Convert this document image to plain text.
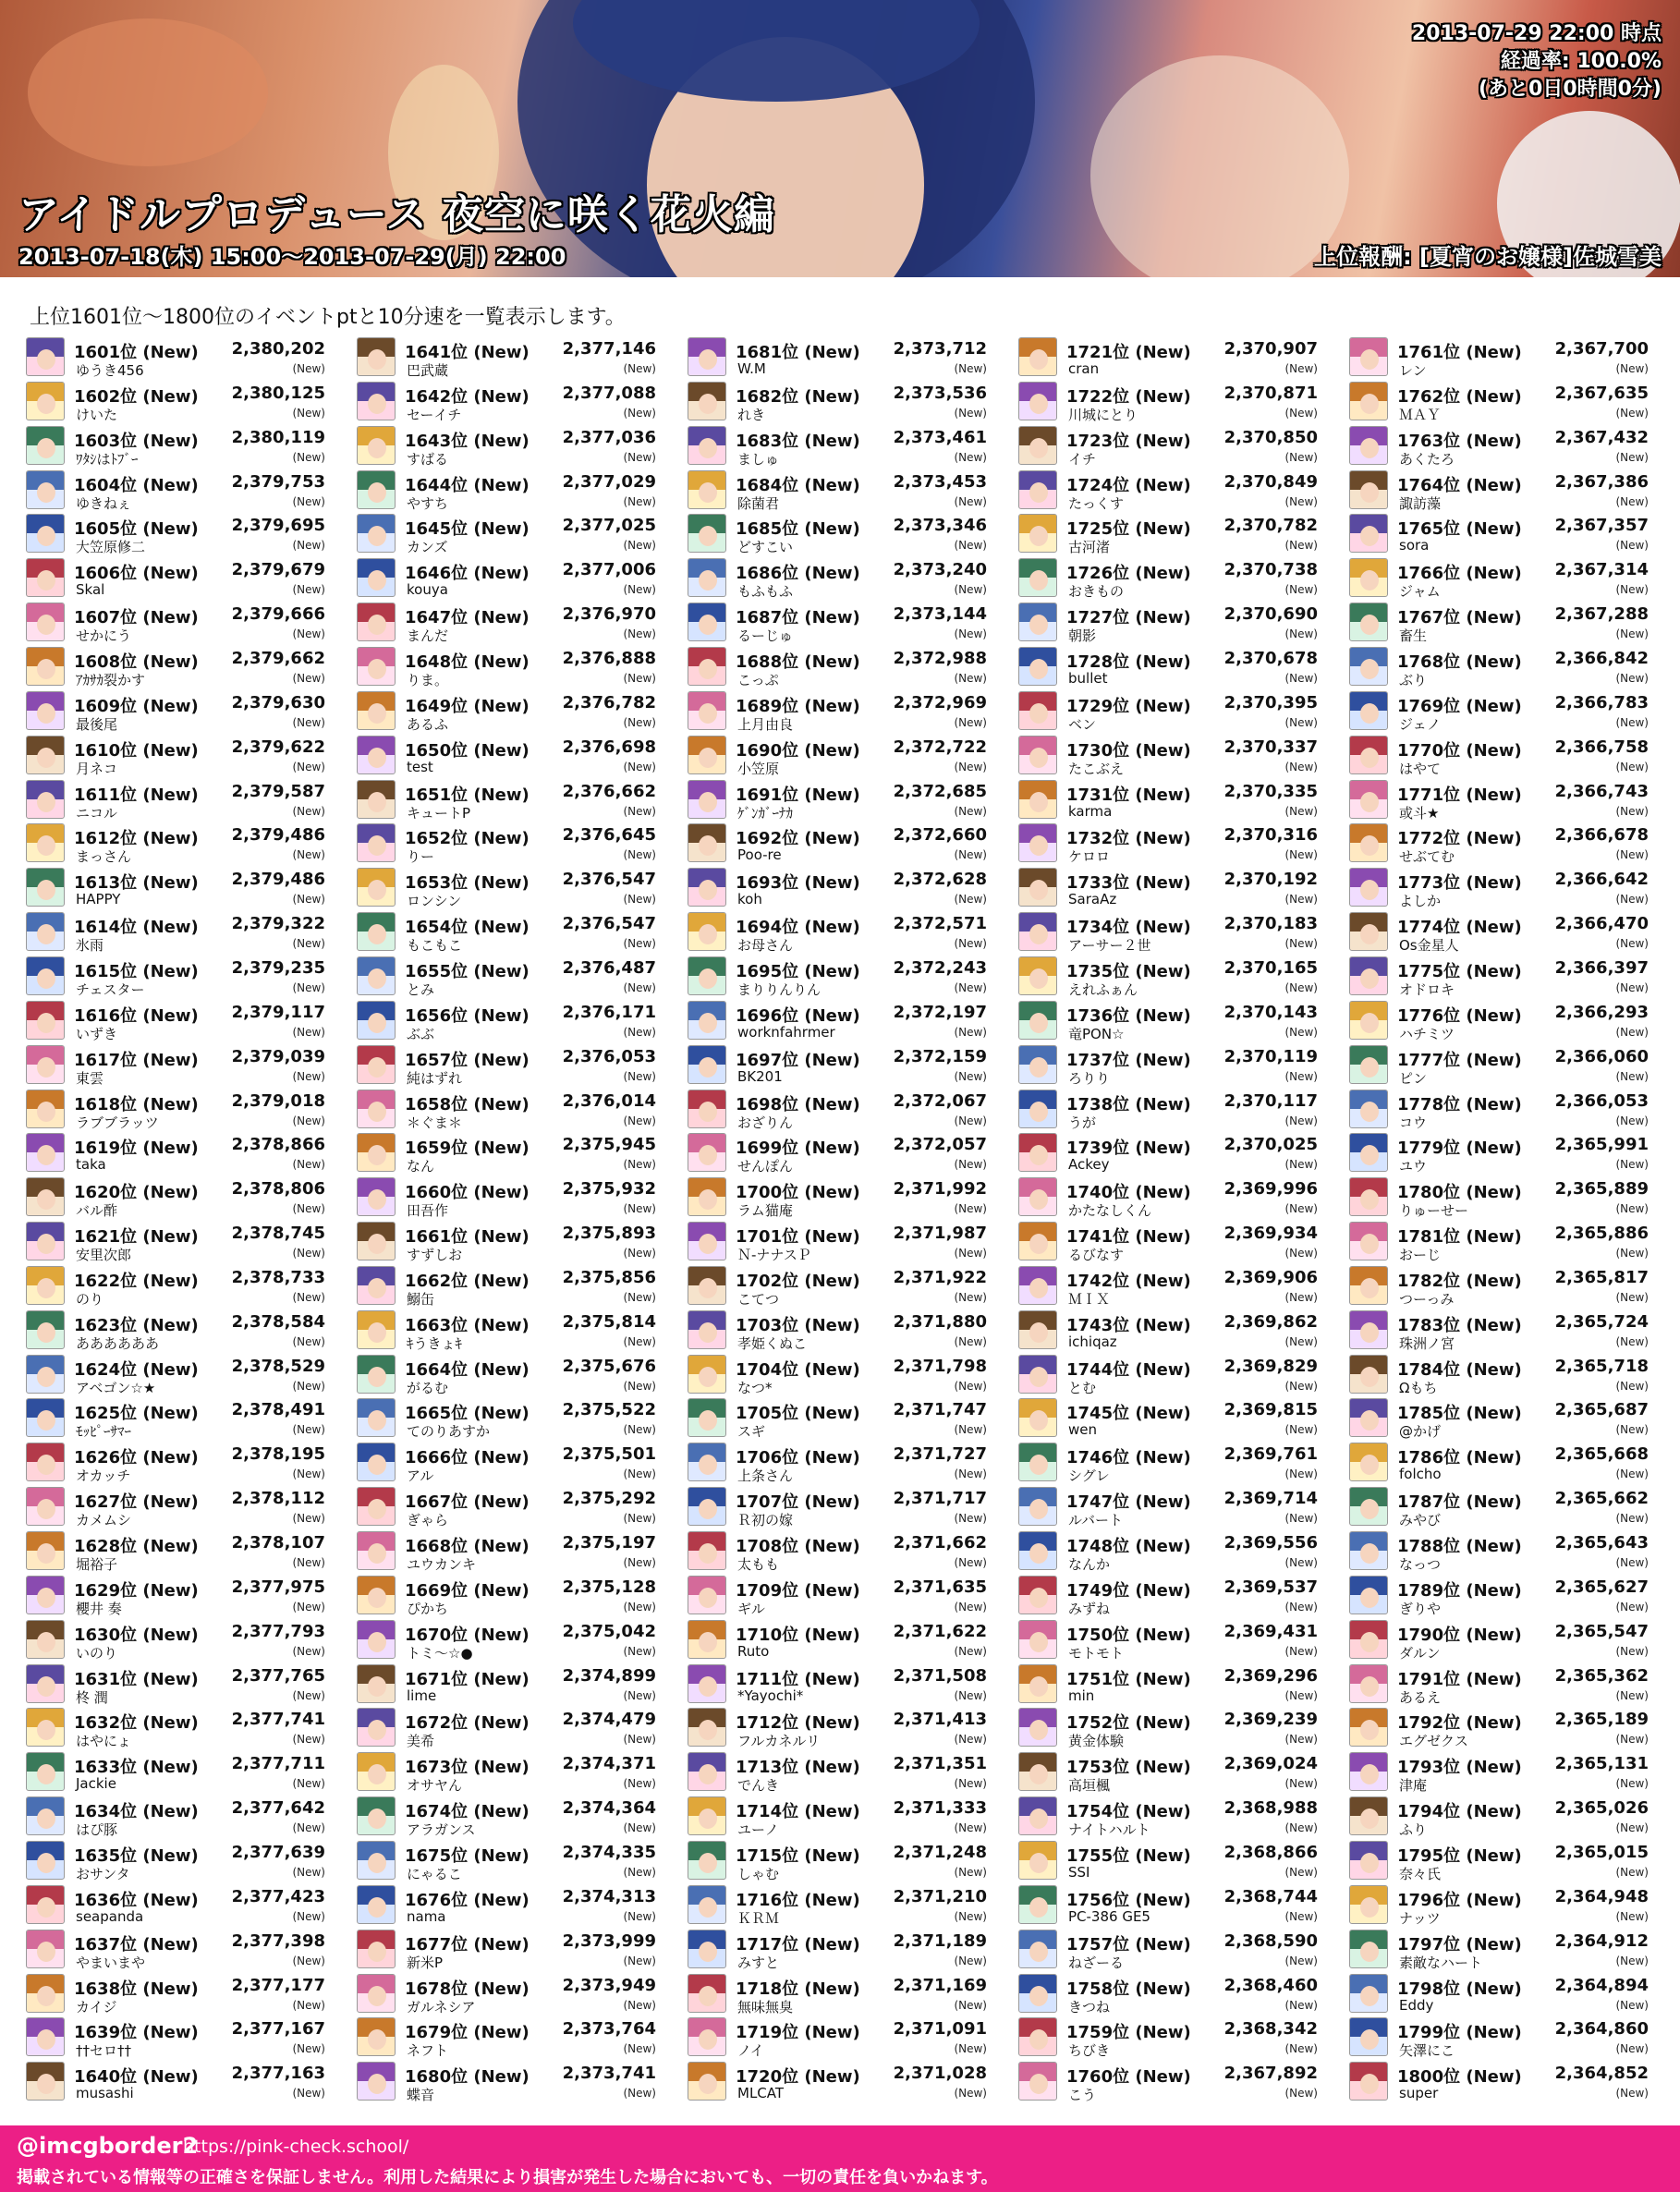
アイドルプロデュース 夜空に咲く花火編
2013-07-18(木) 15:00～2013-07-29(月) 22:00	上位報酬: [夏宵のお嬢様]佐城雪美
2013-07-29 22:00 時点
経過率: 100.0%
(あと0日0時間0分)
上位1601位～1800位のイベントptと10分速を一覧表示します。
1601位 (New) 2,380,202
ゆうき456	(New)
1602位 (New) 2,380,125
けいた	(New)
1603位 (New) 2,380,119
ﾜﾀｼはﾄﾌﾞｰ	(New)
1604位 (New) 2,379,753
ゆきねぇ	(New)
1605位 (New) 2,379,695
大笠原修二	(New)
1606位 (New) 2,379,679
Skal	(New)
1607位 (New) 2,379,666
せかにう	(New)
1608位 (New) 2,379,662
ｱｶｻｶ裂かす	(New)
1609位 (New) 2,379,630
最後尾	(New)
1610位 (New) 2,379,622
月ネコ	(New)
1611位 (New) 2,379,587
ニコル	(New)
1612位 (New) 2,379,486
まっさん	(New)
1613位 (New) 2,379,486
HAPPY	(New)
1614位 (New) 2,379,322
氷雨	(New)
1615位 (New) 2,379,235
チェスター	(New)
1616位 (New) 2,379,117
いずき	(New)
1617位 (New) 2,379,039
東雲	(New)
1618位 (New) 2,379,018
ラブブラッツ	(New)
1619位 (New) 2,378,866
taka	(New)
1620位 (New) 2,378,806
バル酢	(New)
1621位 (New) 2,378,745
安里次郎	(New)
1622位 (New) 2,378,733
のり	(New)
1623位 (New) 2,378,584
ああああああ	(New)
1624位 (New) 2,378,529
アベゴン☆★	(New)
1625位 (New) 2,378,491
ﾓｯﾋﾟｰｻﾏｰ	(New)
1626位 (New) 2,378,195
オカッチ	(New)
1627位 (New) 2,378,112
カメムシ	(New)
1628位 (New) 2,378,107
堀裕子	(New)
1629位 (New) 2,377,975
櫻井 奏	(New)
1630位 (New) 2,377,793
いのり	(New)
1631位 (New) 2,377,765
柊 潤	(New)
1632位 (New) 2,377,741
はやにょ	(New)
1633位 (New) 2,377,711
Jackie	(New)
1634位 (New) 2,377,642
はぴ豚	(New)
1635位 (New) 2,377,639
おサンタ	(New)
1636位 (New) 2,377,423
seapanda	(New)
1637位 (New) 2,377,398
やまいまや	(New)
1638位 (New) 2,377,177
カイジ	(New)
1639位 (New) 2,377,167
††セロ††	(New)
1640位 (New) 2,377,163
musashi	(New)
1641位 (New) 2,377,146
巴武蔵	(New)
1642位 (New) 2,377,088
セーイチ	(New)
1643位 (New) 2,377,036
すばる	(New)
1644位 (New) 2,377,029
やすち	(New)
1645位 (New) 2,377,025
カンズ	(New)
1646位 (New) 2,377,006
kouya	(New)
1647位 (New) 2,376,970
まんだ	(New)
1648位 (New) 2,376,888
りま。	(New)
1649位 (New) 2,376,782
あるふ	(New)
1650位 (New) 2,376,698
test	(New)
1651位 (New) 2,376,662
キュートP	(New)
1652位 (New) 2,376,645
りー	(New)
1653位 (New) 2,376,547
ロンシン	(New)
1654位 (New) 2,376,547
もこもこ	(New)
1655位 (New) 2,376,487
とみ	(New)
1656位 (New) 2,376,171
ぶぶ	(New)
1657位 (New) 2,376,053
純はずれ	(New)
1658位 (New) 2,376,014
＊ぐま＊	(New)
1659位 (New) 2,375,945
なん	(New)
1660位 (New) 2,375,932
田吾作	(New)
1661位 (New) 2,375,893
すずしお	(New)
1662位 (New) 2,375,856
鰯缶	(New)
1663位 (New) 2,375,814
ｷうきょｷ	(New)
1664位 (New) 2,375,676
がるむ	(New)
1665位 (New) 2,375,522
てのりあすか	(New)
1666位 (New) 2,375,501
アル	(New)
1667位 (New) 2,375,292
ぎゃら	(New)
1668位 (New) 2,375,197
ユウカンキ	(New)
1669位 (New) 2,375,128
ぴかち	(New)
1670位 (New) 2,375,042
トミ〜☆●	(New)
1671位 (New) 2,374,899
lime	(New)
1672位 (New) 2,374,479
美希	(New)
1673位 (New) 2,374,371
オサヤん	(New)
1674位 (New) 2,374,364
アラガンス	(New)
1675位 (New) 2,374,335
にゃるこ	(New)
1676位 (New) 2,374,313
nama	(New)
1677位 (New) 2,373,999
新米P	(New)
1678位 (New) 2,373,949
ガルネシア	(New)
1679位 (New) 2,373,764
ネフト	(New)
1680位 (New) 2,373,741
蝶音	(New)
1681位 (New) 2,373,712
W.M	(New)
1682位 (New) 2,373,536
れき	(New)
1683位 (New) 2,373,461
ましゅ	(New)
1684位 (New) 2,373,453
除菌君	(New)
1685位 (New) 2,373,346
どすこい	(New)
1686位 (New) 2,373,240
もふもふ	(New)
1687位 (New) 2,373,144
るーじゅ	(New)
1688位 (New) 2,372,988
こっぷ	(New)
1689位 (New) 2,372,969
上月由良	(New)
1690位 (New) 2,372,722
小笠原	(New)
1691位 (New) 2,372,685
ｹﾞﾝｶﾞｰﾅｶ	(New)
1692位 (New) 2,372,660
Poo-re	(New)
1693位 (New) 2,372,628
koh	(New)
1694位 (New) 2,372,571
お母さん	(New)
1695位 (New) 2,372,243
まりりんりん	(New)
1696位 (New) 2,372,197
worknfahrmer	(New)
1697位 (New) 2,372,159
BK201	(New)
1698位 (New) 2,372,067
おざりん	(New)
1699位 (New) 2,372,057
せんぽん	(New)
1700位 (New) 2,371,992
ラム猫庵	(New)
1701位 (New) 2,371,987
Ｎ-ナナスＰ	(New)
1702位 (New) 2,371,922
こてつ	(New)
1703位 (New) 2,371,880
孝姫くぬこ	(New)
1704位 (New) 2,371,798
なつ*	(New)
1705位 (New) 2,371,747
スギ	(New)
1706位 (New) 2,371,727
上条さん	(New)
1707位 (New) 2,371,717
Ｒ初の嫁	(New)
1708位 (New) 2,371,662
太もも	(New)
1709位 (New) 2,371,635
ギル	(New)
1710位 (New) 2,371,622
Ruto	(New)
1711位 (New) 2,371,508
*Yayochi*	(New)
1712位 (New) 2,371,413
フルカネルリ	(New)
1713位 (New) 2,371,351
でんき	(New)
1714位 (New) 2,371,333
ユーノ	(New)
1715位 (New) 2,371,248
しゃむ	(New)
1716位 (New) 2,371,210
ＫＲＭ	(New)
1717位 (New) 2,371,189
みすと	(New)
1718位 (New) 2,371,169
無味無臭	(New)
1719位 (New) 2,371,091
ノイ	(New)
1720位 (New) 2,371,028
MLCAT	(New)
1721位 (New) 2,370,907
cran	(New)
1722位 (New) 2,370,871
川城にとり	(New)
1723位 (New) 2,370,850
イチ	(New)
1724位 (New) 2,370,849
たっくす	(New)
1725位 (New) 2,370,782
古河渚	(New)
1726位 (New) 2,370,738
おきもの	(New)
1727位 (New) 2,370,690
朝影	(New)
1728位 (New) 2,370,678
bullet	(New)
1729位 (New) 2,370,395
ベン	(New)
1730位 (New) 2,370,337
たこぶえ	(New)
1731位 (New) 2,370,335
karma	(New)
1732位 (New) 2,370,316
ケロロ	(New)
1733位 (New) 2,370,192
SaraAz	(New)
1734位 (New) 2,370,183
アーサー２世	(New)
1735位 (New) 2,370,165
えれふぁん	(New)
1736位 (New) 2,370,143
竜PON☆	(New)
1737位 (New) 2,370,119
ろりり	(New)
1738位 (New) 2,370,117
うが	(New)
1739位 (New) 2,370,025
Ackey	(New)
1740位 (New) 2,369,996
かたなしくん	(New)
1741位 (New) 2,369,934
るびなす	(New)
1742位 (New) 2,369,906
ＭＩＸ	(New)
1743位 (New) 2,369,862
ichiqaz	(New)
1744位 (New) 2,369,829
とむ	(New)
1745位 (New) 2,369,815
wen	(New)
1746位 (New) 2,369,761
シグレ	(New)
1747位 (New) 2,369,714
ルバート	(New)
1748位 (New) 2,369,556
なんか	(New)
1749位 (New) 2,369,537
みずね	(New)
1750位 (New) 2,369,431
モトモト	(New)
1751位 (New) 2,369,296
min	(New)
1752位 (New) 2,369,239
黄金体験	(New)
1753位 (New) 2,369,024
高垣楓	(New)
1754位 (New) 2,368,988
ナイトハルト	(New)
1755位 (New) 2,368,866
SSI	(New)
1756位 (New) 2,368,744
PC-386 GE5	(New)
1757位 (New) 2,368,590
ねざーる	(New)
1758位 (New) 2,368,460
きつね	(New)
1759位 (New) 2,368,342
ちびき	(New)
1760位 (New) 2,367,892
こう	(New)
1761位 (New) 2,367,700
レン	(New)
1762位 (New) 2,367,635
ＭＡＹ	(New)
1763位 (New) 2,367,432
あくたろ	(New)
1764位 (New) 2,367,386
諏訪藻	(New)
1765位 (New) 2,367,357
sora	(New)
1766位 (New) 2,367,314
ジャム	(New)
1767位 (New) 2,367,288
畜生	(New)
1768位 (New) 2,366,842
ぶり	(New)
1769位 (New) 2,366,783
ジェノ	(New)
1770位 (New) 2,366,758
はやて	(New)
1771位 (New) 2,366,743
或斗★	(New)
1772位 (New) 2,366,678
せぶてむ	(New)
1773位 (New) 2,366,642
よしか	(New)
1774位 (New) 2,366,470
Os金星人	(New)
1775位 (New) 2,366,397
オドロキ	(New)
1776位 (New) 2,366,293
ハチミツ	(New)
1777位 (New) 2,366,060
ピン	(New)
1778位 (New) 2,366,053
コウ	(New)
1779位 (New) 2,365,991
ユウ	(New)
1780位 (New) 2,365,889
りゅーせー	(New)
1781位 (New) 2,365,886
おーじ	(New)
1782位 (New) 2,365,817
つーっみ	(New)
1783位 (New) 2,365,724
珠洲ノ宮	(New)
1784位 (New) 2,365,718
Ωもち	(New)
1785位 (New) 2,365,687
@かげ	(New)
1786位 (New) 2,365,668
folcho	(New)
1787位 (New) 2,365,662
みやび	(New)
1788位 (New) 2,365,643
なっつ	(New)
1789位 (New) 2,365,627
ぎりや	(New)
1790位 (New) 2,365,547
ダルン	(New)
1791位 (New) 2,365,362
あるえ	(New)
1792位 (New) 2,365,189
エグゼクス	(New)
1793位 (New) 2,365,131
津庵	(New)
1794位 (New) 2,365,026
ふり	(New)
1795位 (New) 2,365,015
奈々氏	(New)
1796位 (New) 2,364,948
ナッツ	(New)
1797位 (New) 2,364,912
素敵なハート	(New)
1798位 (New) 2,364,894
Eddy	(New)
1799位 (New) 2,364,860
矢澤にこ	(New)
1800位 (New) 2,364,852
super	(New)
@imcgborder2
https://pink-check.school/
掲載されている情報等の正確さを保証しません。利用した結果により損害が発生した場合においても、一切の責任を負いかねます。
